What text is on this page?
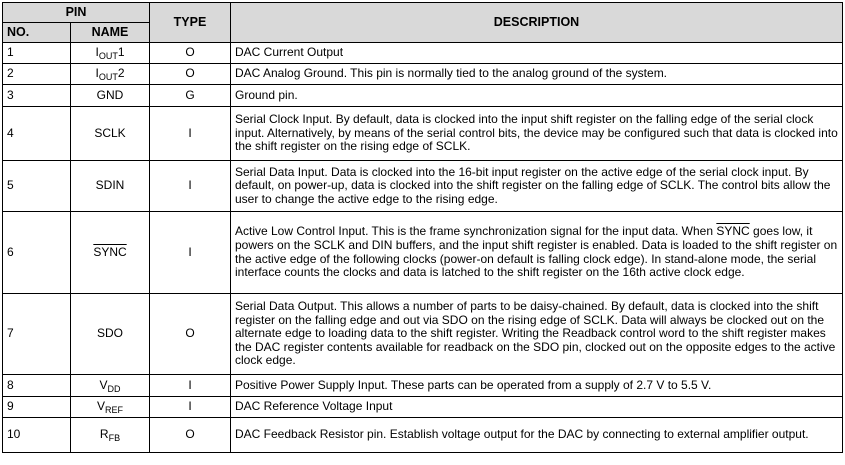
PIN		TYPE	DESCRIPTION
NO.	NAME		
1	$I_{OUT}1$	O	DAC Current Output
2	$I_{OUT}2$	O	DAC Analog Ground. This pin is normally tied to the analog ground of the system.
3	GND	G	Ground pin.
4	SCLK	I	Serial Clock Input. By default, data is clocked into the input shift register on the falling edge of the serial clock input. Alternatively, by means of the serial control bits, the device may be configured such that data is clocked into the shift register on the rising edge of SCLK.
5	SDIN	I	Serial Data Input. Data is clocked into the 16-bit input register on the active edge of the serial clock input. By default, on power-up, data is clocked into the shift register on the falling edge of SCLK. The control bits allow the user to change the active edge to the rising edge.
6	SYNC	I	Active Low Control Input. This is the frame synchronization signal for the input data. When SYNC goes low, it powers on the SCLK and DIN buffers, and the input shift register is enabled. Data is loaded to the shift register on the active edge of the following clocks (power-on default is falling clock edge). In stand-alone mode, the serial interface counts the clocks and data is latched to the shift register on the 16th active clock edge.
7	SDO	O	Serial Data Output. This allows a number of parts to be daisy-chained. By default, data is clocked into the shift register on the falling edge and out via SDO on the rising edge of SCLK. Data will always be clocked out on the alternate edge to loading data to the shift register. Writing the Readback control word to the shift register makes the DAC register contents available for readback on the SDO pin, clocked out on the opposite edges to the active clock edge.
8	$V_{DD}$	I	Positive Power Supply Input. These parts can be operated from a supply of 2.7 V to 5.5 V.
9	$V_{REF}$	I	DAC Reference Voltage Input
10	$R_{FB}$	O	DAC Feedback Resistor pin. Establish voltage output for the DAC by connecting to external amplifier output.
